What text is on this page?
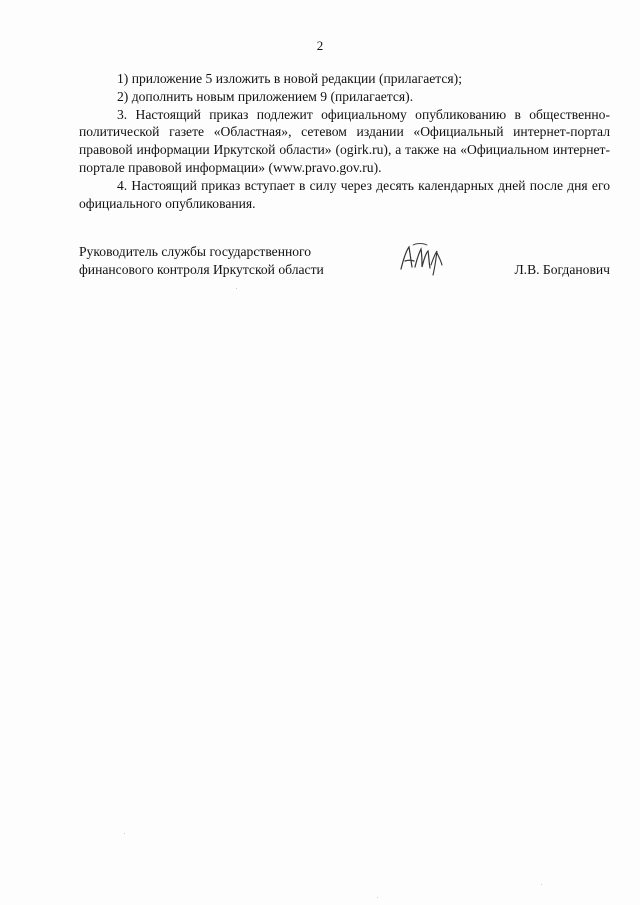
2

1) приложение 5 изложить в новой редакции (прилагается);

2) дополнить новым приложением 9 (прилагается).

3. Настоящий приказ подлежит официальному опубликованию в общественно-политической газете «Областная», сетевом издании «Официальный интернет-портал правовой информации Иркутской области» (ogirk.ru), а также на «Официальном интернет-портале правовой информации» (www.pravo.gov.ru).

4. Настоящий приказ вступает в силу через десять календарных дней после дня его официального опубликования.

Руководитель службы государственного
финансового контроля Иркутской области	Л.В. Богданович
